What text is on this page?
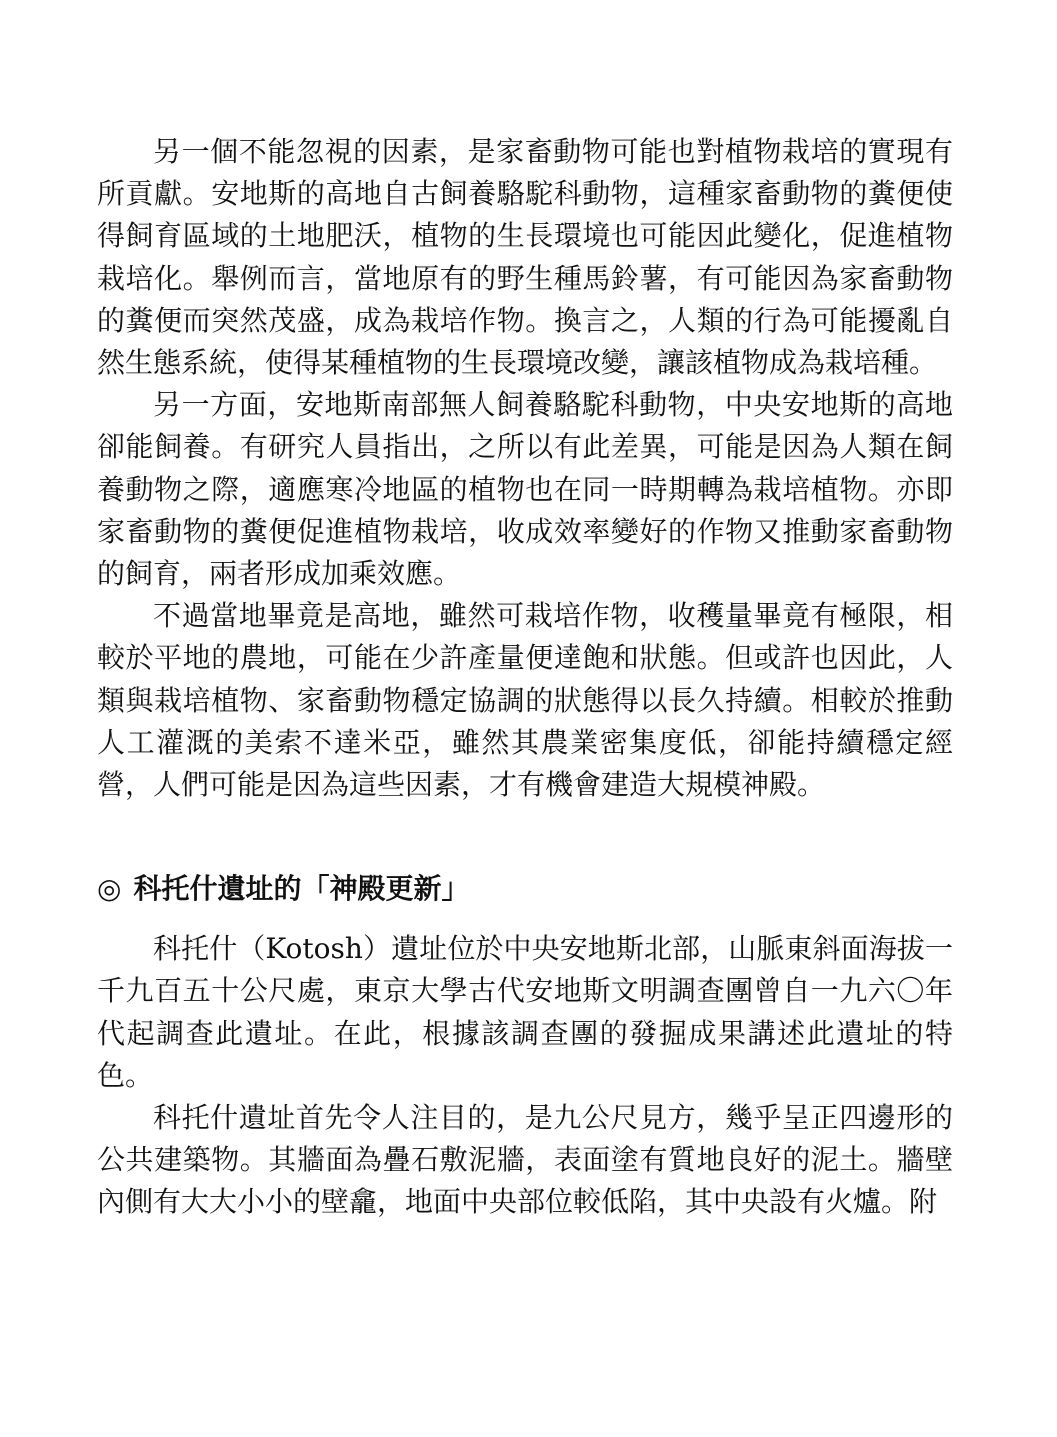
另一個不能忽視的因素，是家畜動物可能也對植物栽培的實現有所貢獻。安地斯的高地自古飼養駱駝科動物，這種家畜動物的糞便使得飼育區域的土地肥沃，植物的生長環境也可能因此變化，促進植物栽培化。舉例而言，當地原有的野生種馬鈴薯，有可能因為家畜動物的糞便而突然茂盛，成為栽培作物。換言之，人類的行為可能擾亂自然生態系統，使得某種植物的生長環境改變，讓該植物成為栽培種。

另一方面，安地斯南部無人飼養駱駝科動物，中央安地斯的高地卻能飼養。有研究人員指出，之所以有此差異，可能是因為人類在飼養動物之際，適應寒冷地區的植物也在同一時期轉為栽培植物。亦即家畜動物的糞便促進植物栽培，收成效率變好的作物又推動家畜動物的飼育，兩者形成加乘效應。

不過當地畢竟是高地，雖然可栽培作物，收穫量畢竟有極限，相較於平地的農地，可能在少許產量便達飽和狀態。但或許也因此，人類與栽培植物、家畜動物穩定協調的狀態得以長久持續。相較於推動人工灌溉的美索不達米亞，雖然其農業密集度低，卻能持續穩定經營，人們可能是因為這些因素，才有機會建造大規模神殿。

◎ 科托什遺址的「神殿更新」

科托什（Kotosh）遺址位於中央安地斯北部，山脈東斜面海拔一千九百五十公尺處，東京大學古代安地斯文明調查團曾自一九六〇年代起調查此遺址。在此，根據該調查團的發掘成果講述此遺址的特色。

科托什遺址首先令人注目的，是九公尺見方，幾乎呈正四邊形的公共建築物。其牆面為疊石敷泥牆，表面塗有質地良好的泥土。牆壁內側有大大小小的壁龕，地面中央部位較低陷，其中央設有火爐。附
